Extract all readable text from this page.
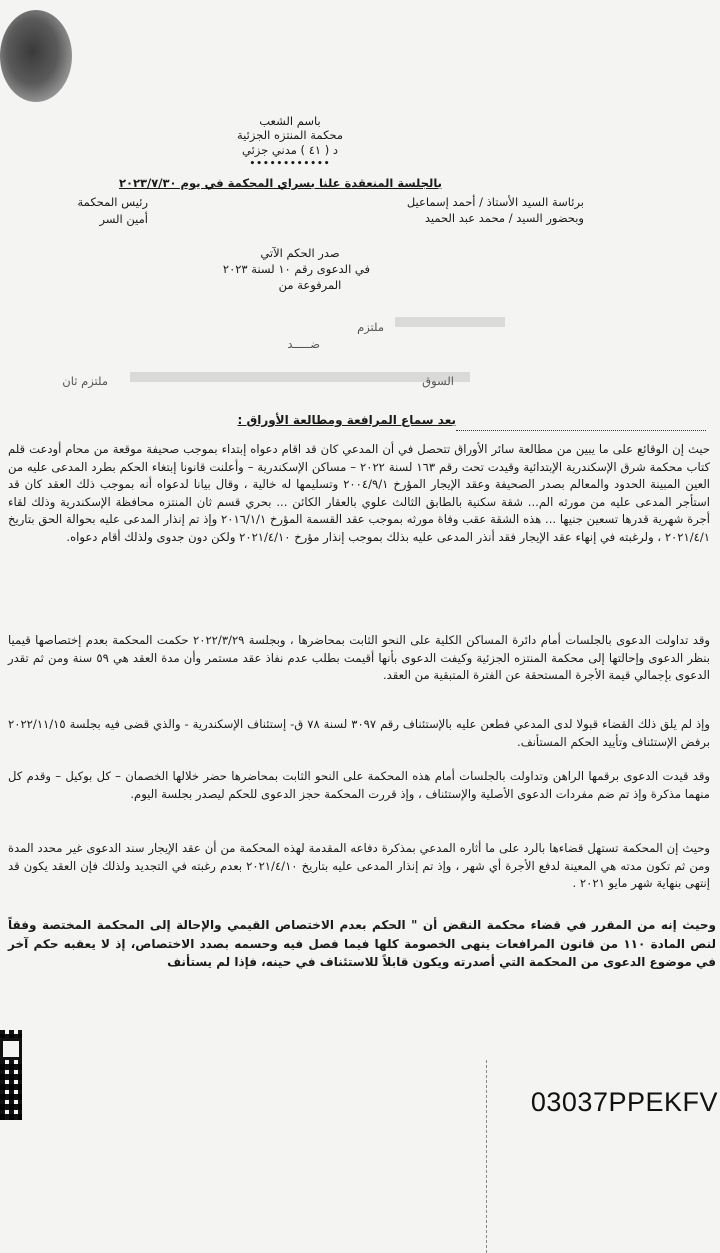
باسم الشعب
محكمة المنتزه الجزئية
د ( ٤١ ) مدني جزئي
••••••••••••
بالجلسة المنعقدة علنا بسراي المحكمة في يوم ٢٠٢٣/٧/٣٠
برئاسة السيد الأستاذ / أحمد إسماعيل
رئيس المحكمة
وبحضور السيد / محمد عبد الحميد
أمين السر
صدر الحكم الآتي
في الدعوى رقم ١٠ لسنة ٢٠٢٣
المرفوعة من
ملتزم
ضـــــد
السوق
ملتزم ثان
بعد سماع المرافعة ومطالعة الأوراق :
حيث إن الوقائع على ما يبين من مطالعة سائر الأوراق تتحصل في أن المدعي كان قد اقام دعواه إبتداء بموجب صحيفة موقعة من محام أودعت قلم كتاب محكمة شرق الإسكندرية الإبتدائية وقيدت تحت رقم ١٦٣ لسنة ٢٠٢٢ – مساكن الإسكندرية – وأعلنت قانونا إبتغاء الحكم بطرد المدعى عليه من العين المبينة الحدود والمعالم بصدر الصحيفة وعقد الإيجار المؤرخ ٢٠٠٤/٩/١ وتسليمها له خالية ، وقال بيانا لدعواه أنه بموجب ذلك العقد كان قد استأجر المدعى عليه من مورثه الم... شقة سكنية بالطابق الثالث علوي بالعقار الكائن ... بحري قسم ثان المنتزه محافظة الإسكندرية وذلك لقاء أجرة شهرية قدرها تسعين جنيها ... هذه الشقة عقب وفاة مورثه بموجب عقد القسمة المؤرخ ٢٠١٦/١/١ وإذ تم إنذار المدعى عليه بحوالة الحق بتاريخ ٢٠٢١/٤/١ ، ولرغبته في إنهاء عقد الإيجار فقد أنذر المدعى عليه بذلك بموجب إنذار مؤرخ ٢٠٢١/٤/١٠ ولكن دون جدوى ولذلك أقام دعواه.
وقد تداولت الدعوى بالجلسات أمام دائرة المساكن الكلية على النحو الثابت بمحاضرها ، وبجلسة ٢٠٢٢/٣/٢٩ حكمت المحكمة بعدم إختصاصها قيميا بنظر الدعوى وإحالتها إلى محكمة المنتزه الجزئية وكيفت الدعوى بأنها أقيمت بطلب عدم نفاذ عقد مستمر وأن مدة العقد هي ٥٩ سنة ومن ثم تقدر الدعوى بإجمالي قيمة الأجرة المستحقة عن الفترة المتبقية من العقد.
وإذ لم يلق ذلك القضاء قبولا لدى المدعي فطعن عليه بالإستئناف رقم ٣٠٩٧ لسنة ٧٨ ق- إستئناف الإسكندرية - والذي قضى فيه بجلسة ٢٠٢٢/١١/١٥ برفض الإستئناف وتأييد الحكم المستأنف.
وقد قيدت الدعوى برقمها الراهن وتداولت بالجلسات أمام هذه المحكمة على النحو الثابت بمحاضرها حضر خلالها الخصمان – كل بوكيل – وقدم كل منهما مذكرة وإذ تم ضم مفردات الدعوى الأصلية والإستئناف ، وإذ قررت المحكمة حجز الدعوى للحكم ليصدر بجلسة اليوم.
وحيث إن المحكمة تستهل قضاءها بالرد على ما أثاره المدعي بمذكرة دفاعه المقدمة لهذه المحكمة من أن عقد الإيجار سند الدعوى غير محدد المدة ومن ثم تكون مدته هي المعينة لدفع الأجرة أي شهر ، وإذ تم إنذار المدعى عليه بتاريخ ٢٠٢١/٤/١٠ بعدم رغبته في التجديد ولذلك فإن العقد يكون قد إنتهى بنهاية شهر مايو ٢٠٢١ .
وحيث إنه من المقرر في قضاء محكمة النقض أن " الحكم بعدم الاختصاص القيمي والإحالة إلى المحكمة المختصة وفقاً لنص المادة ١١٠ من قانون المرافعات ينهى الخصومة كلها فيما فصل فيه وحسمه بصدد الاختصاص، إذ لا يعقبه حكم آخر في موضوع الدعوى من المحكمة التي أصدرته ويكون قابلاً للاستئناف في حينه، فإذا لم يستأنف
03037PPEKFV
